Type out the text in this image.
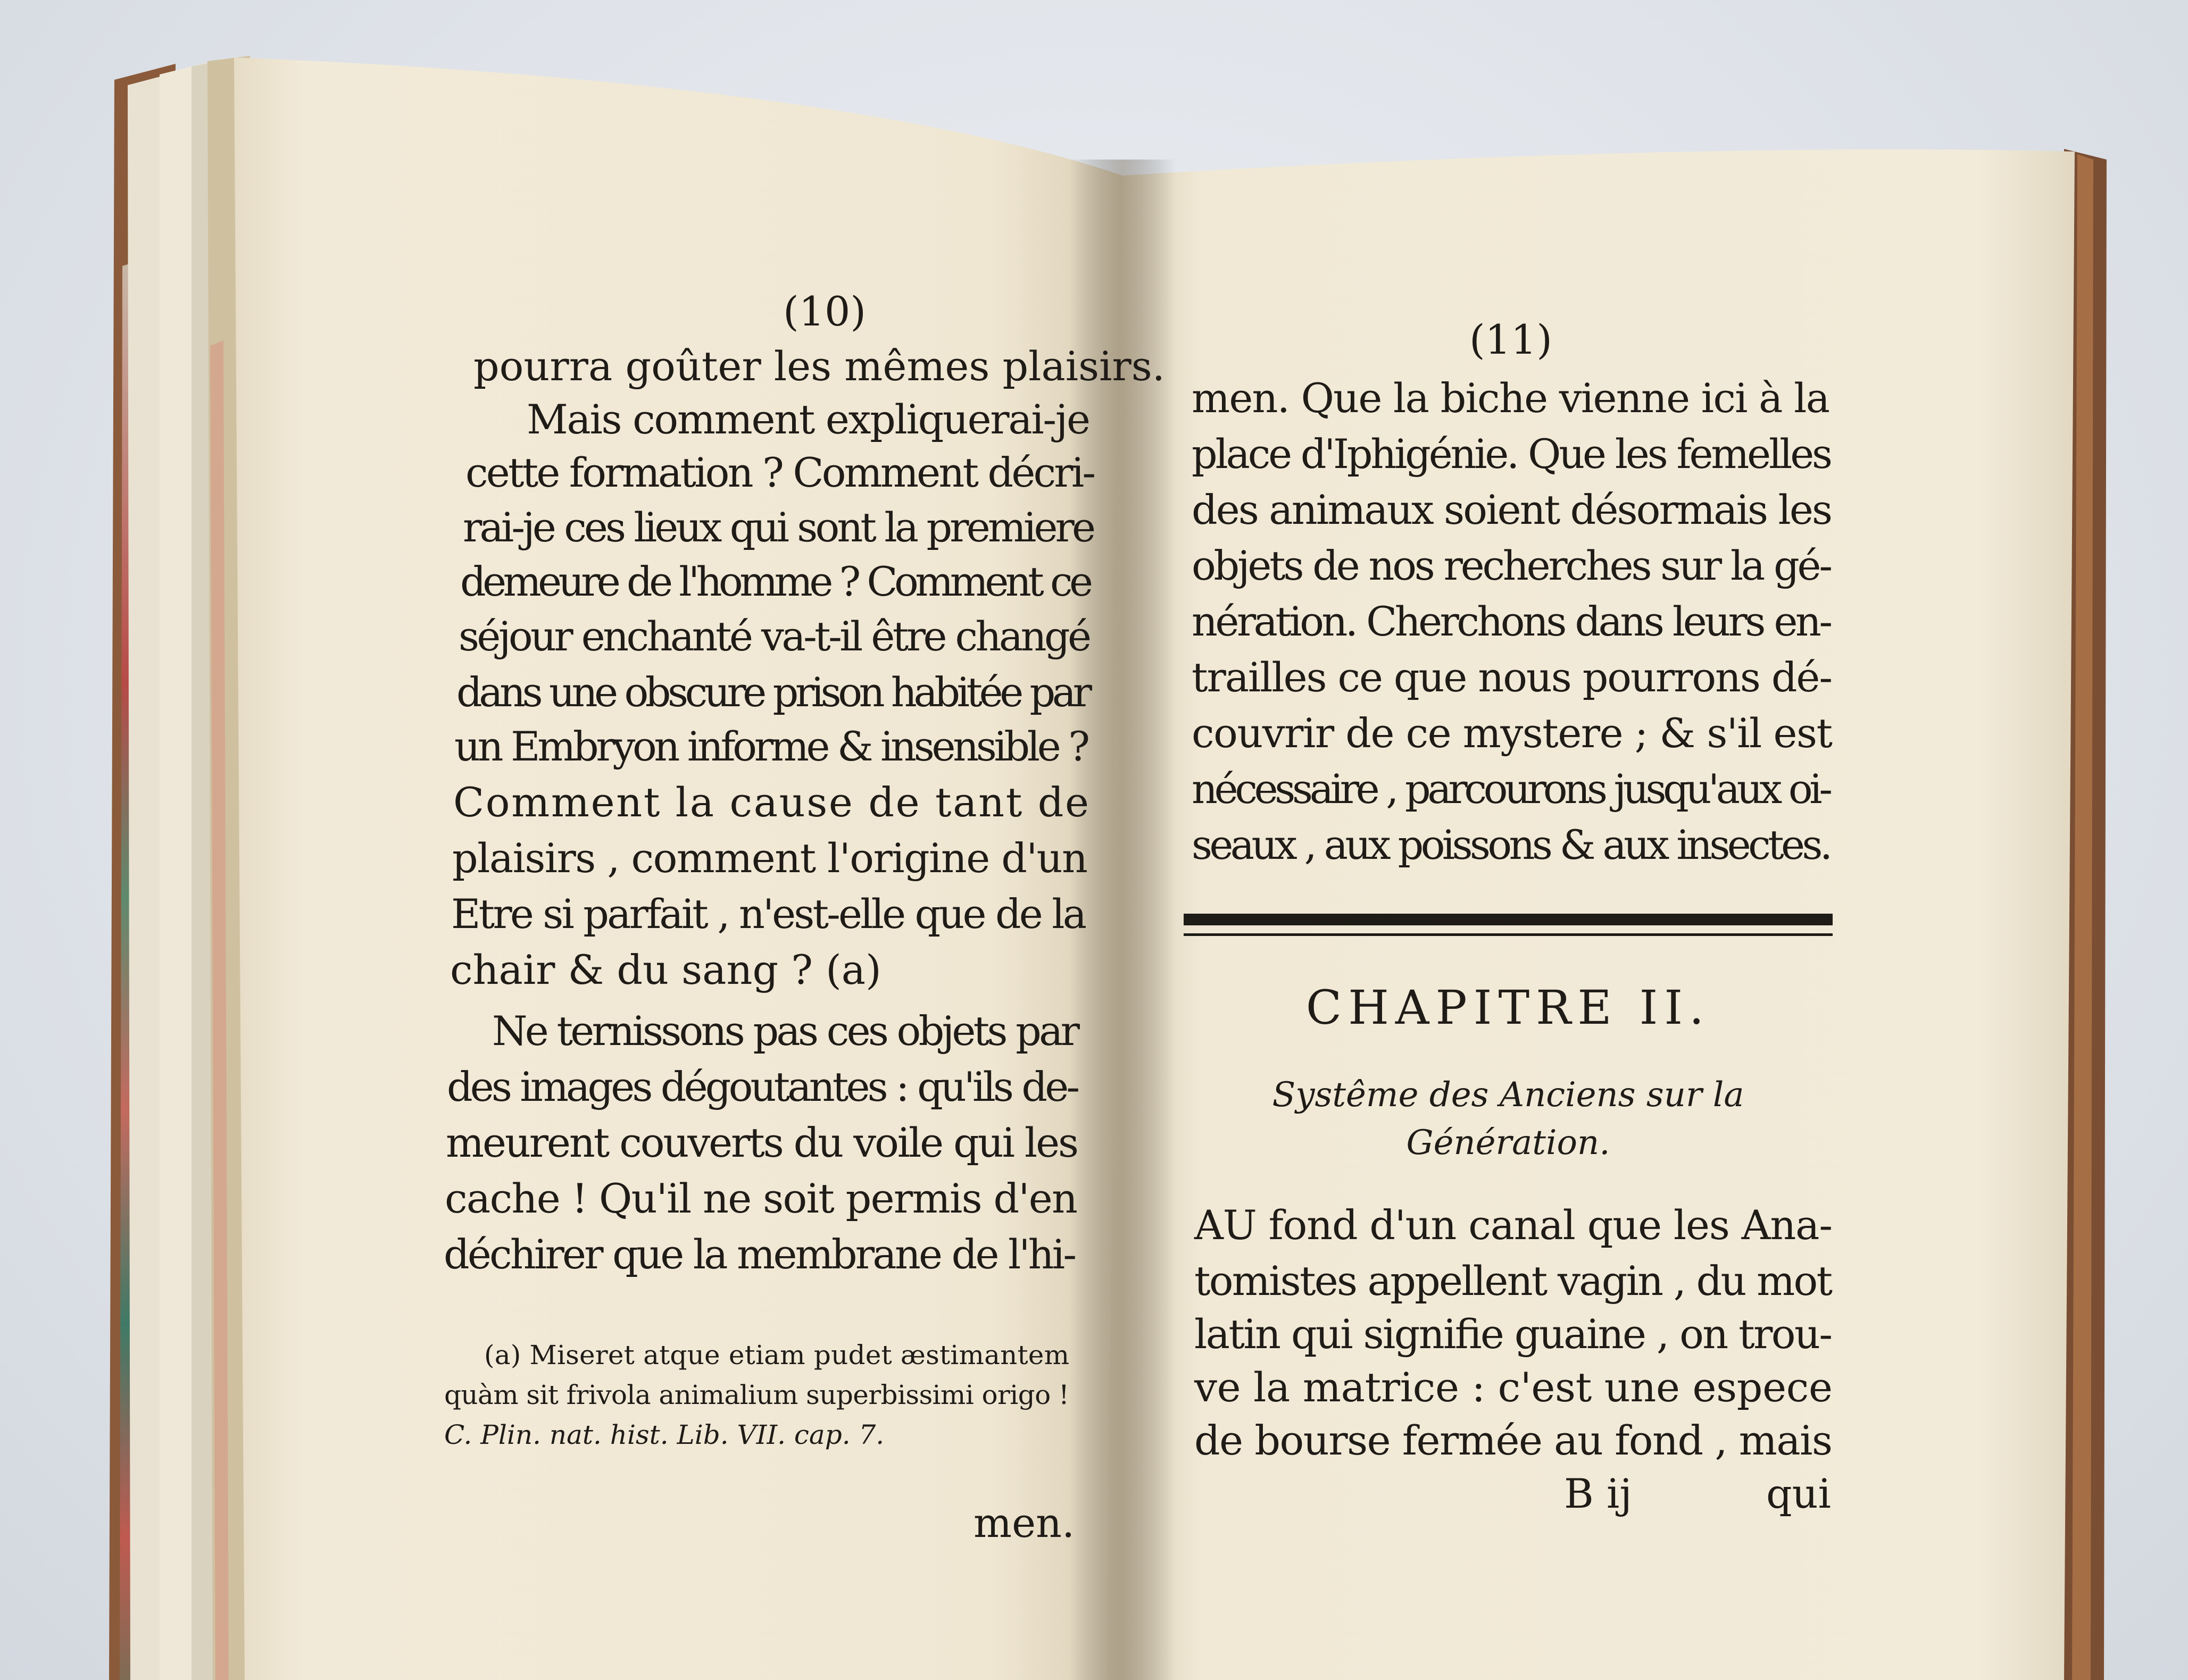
(10)
pourra goûter les mêmes plaisirs.
Mais comment expliquerai-je
cette formation ? Comment décri-
rai-je ces lieux qui sont la premiere
demeure de l'homme ? Comment ce
séjour enchanté va-t-il être changé
dans une obscure prison habitée par
un Embryon informe & insensible ?
Comment la cause de tant de
plaisirs , comment l'origine d'un
Etre si parfait , n'est-elle que de la
chair & du sang ? (a)
Ne ternissons pas ces objets par
des images dégoutantes : qu'ils de-
meurent couverts du voile qui les
cache ! Qu'il ne soit permis d'en
déchirer que la membrane de l'hi-
(a) Miseret atque etiam pudet æstimantem
quàm sit frivola animalium superbissimi origo !
C. Plin. nat. hist. Lib. VII. cap. 7.
men.
(11)
men. Que la biche vienne ici à la
place d'Iphigénie. Que les femelles
des animaux soient désormais les
objets de nos recherches sur la gé-
nération. Cherchons dans leurs en-
trailles ce que nous pourrons dé-
couvrir de ce mystere ; & s'il est
nécessaire , parcourons jusqu'aux oi-
seaux , aux poissons & aux insectes.
CHAPITRE II.
Systême des Anciens sur la
Génération.
AU fond d'un canal que les Ana-
tomistes appellent vagin , du mot
latin qui signifie guaine , on trou-
ve la matrice : c'est une espece
de bourse fermée au fond , mais
B ij	qui
